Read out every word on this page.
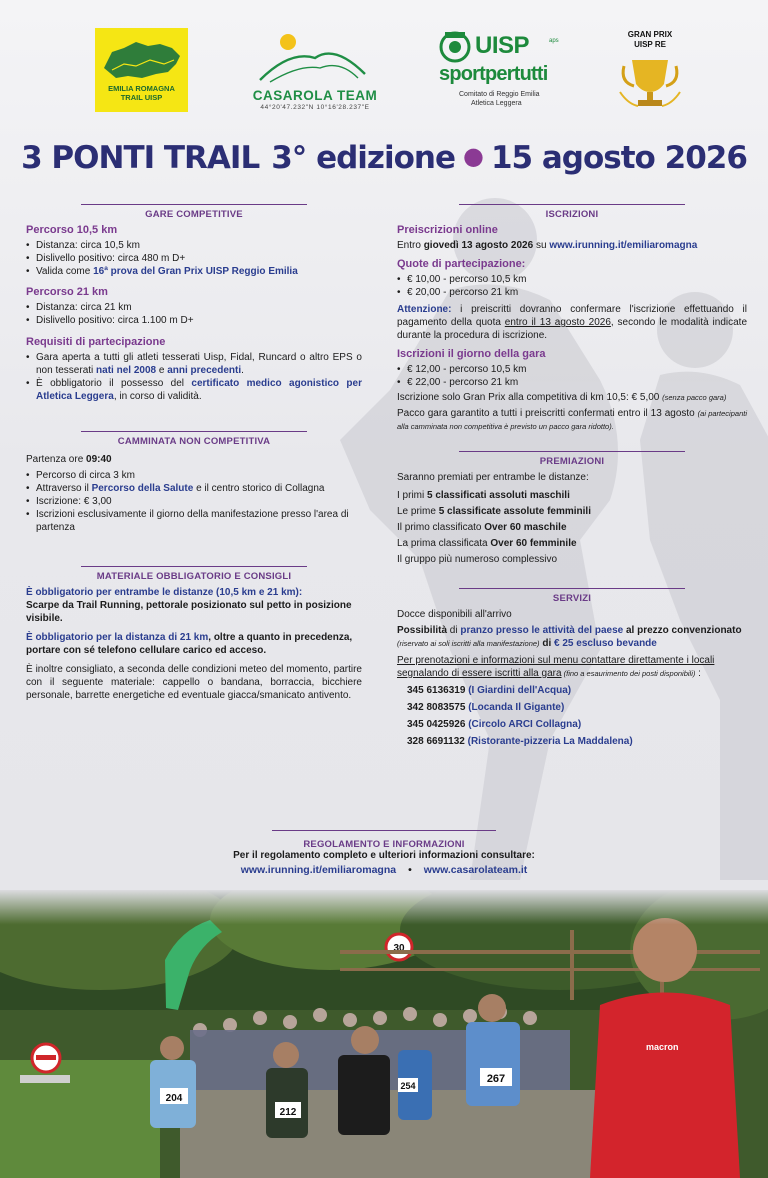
EMILIA ROMAGNA
TRAIL UISP	CASAROLA TEAM
44°20'47.232"N 10°16'28.237"E
UISP	aps
sportpertutti
Comitato di Reggio Emilia
Atletica Leggera
GRAN PRIX
UISP RE
3 PONTI TRAIL 3° edizione ● 15 agosto 2026
GARE COMPETITIVE
Percorso 10,5 km
• Distanza: circa 10,5 km
• Dislivello positivo: circa 480 m D+
• Valida come 16ª prova del Gran Prix UISP Reggio Emilia
Percorso 21 km
• Distanza: circa 21 km
• Dislivello positivo: circa 1.100 m D+
Requisiti di partecipazione
• Gara aperta a tutti gli atleti tesserati Uisp, Fidal, Runcard o altro EPS o non tesserati nati nel 2008 e anni precedenti.
• È obbligatorio il possesso del certificato medico agonistico per Atletica Leggera, in corso di validità.
CAMMINATA NON COMPETITIVA
Partenza ore 09:40
• Percorso di circa 3 km
• Attraverso il Percorso della Salute e il centro storico di Collagna
• Iscrizione: € 3,00
• Iscrizioni esclusivamente il giorno della manifestazione presso l'area di partenza
MATERIALE OBBLIGATORIO E CONSIGLI
È obbligatorio per entrambe le distanze (10,5 km e 21 km):
Scarpe da Trail Running, pettorale posizionato sul petto in posizione visibile.
È obbligatorio per la distanza di 21 km, oltre a quanto in precedenza, portare con sé telefono cellulare carico ed acceso.
È inoltre consigliato, a seconda delle condizioni meteo del momento, partire con il seguente materiale: cappello o bandana, borraccia, bicchiere personale, barrette energetiche ed eventuale giacca/smanicato antivento.
ISCRIZIONI
Preiscrizioni online
Entro giovedì 13 agosto 2026 su www.irunning.it/emiliaromagna
Quote di partecipazione:
• € 10,00 - percorso 10,5 km
• € 20,00 - percorso 21 km
Attenzione: i preiscritti dovranno confermare l'iscrizione effettuando il pagamento della quota entro il 13 agosto 2026, secondo le modalità indicate durante la procedura di iscrizione.
Iscrizioni il giorno della gara
• € 12,00 - percorso 10,5 km
• € 22,00 - percorso 21 km
Iscrizione solo Gran Prix alla competitiva di km 10,5: € 5,00 (senza pacco gara)
Pacco gara garantito a tutti i preiscritti confermati entro il 13 agosto (ai partecipanti alla camminata non competitiva è previsto un pacco gara ridotto).
PREMIAZIONI
Saranno premiati per entrambe le distanze:
I primi 5 classificati assoluti maschili
Le prime 5 classificate assolute femminili
Il primo classificato Over 60 maschile
La prima classificata Over 60 femminile
Il gruppo più numeroso complessivo
SERVIZI
Docce disponibili all'arrivo
Possibilità di pranzo presso le attività del paese al prezzo convenzionato
(riservato ai soli iscritti alla manifestazione) di € 25 escluso bevande
Per prenotazioni e informazioni sul menu contattare direttamente i locali segnalando di essere iscritti alla gara (fino a esaurimento dei posti disponibili) :
345 6136319 (I Giardini dell'Acqua)
342 8083575 (Locanda Il Gigante)
345 0425926 (Circolo ARCI Collagna)
328 6691132 (Ristorante-pizzeria La Maddalena)
$_{REGOLAMENTO E INFORMAZIONI}$
Per il regolamento completo e ulteriori informazioni consultare:
www.irunning.it/emiliaromagna • www.casarolateam.it
